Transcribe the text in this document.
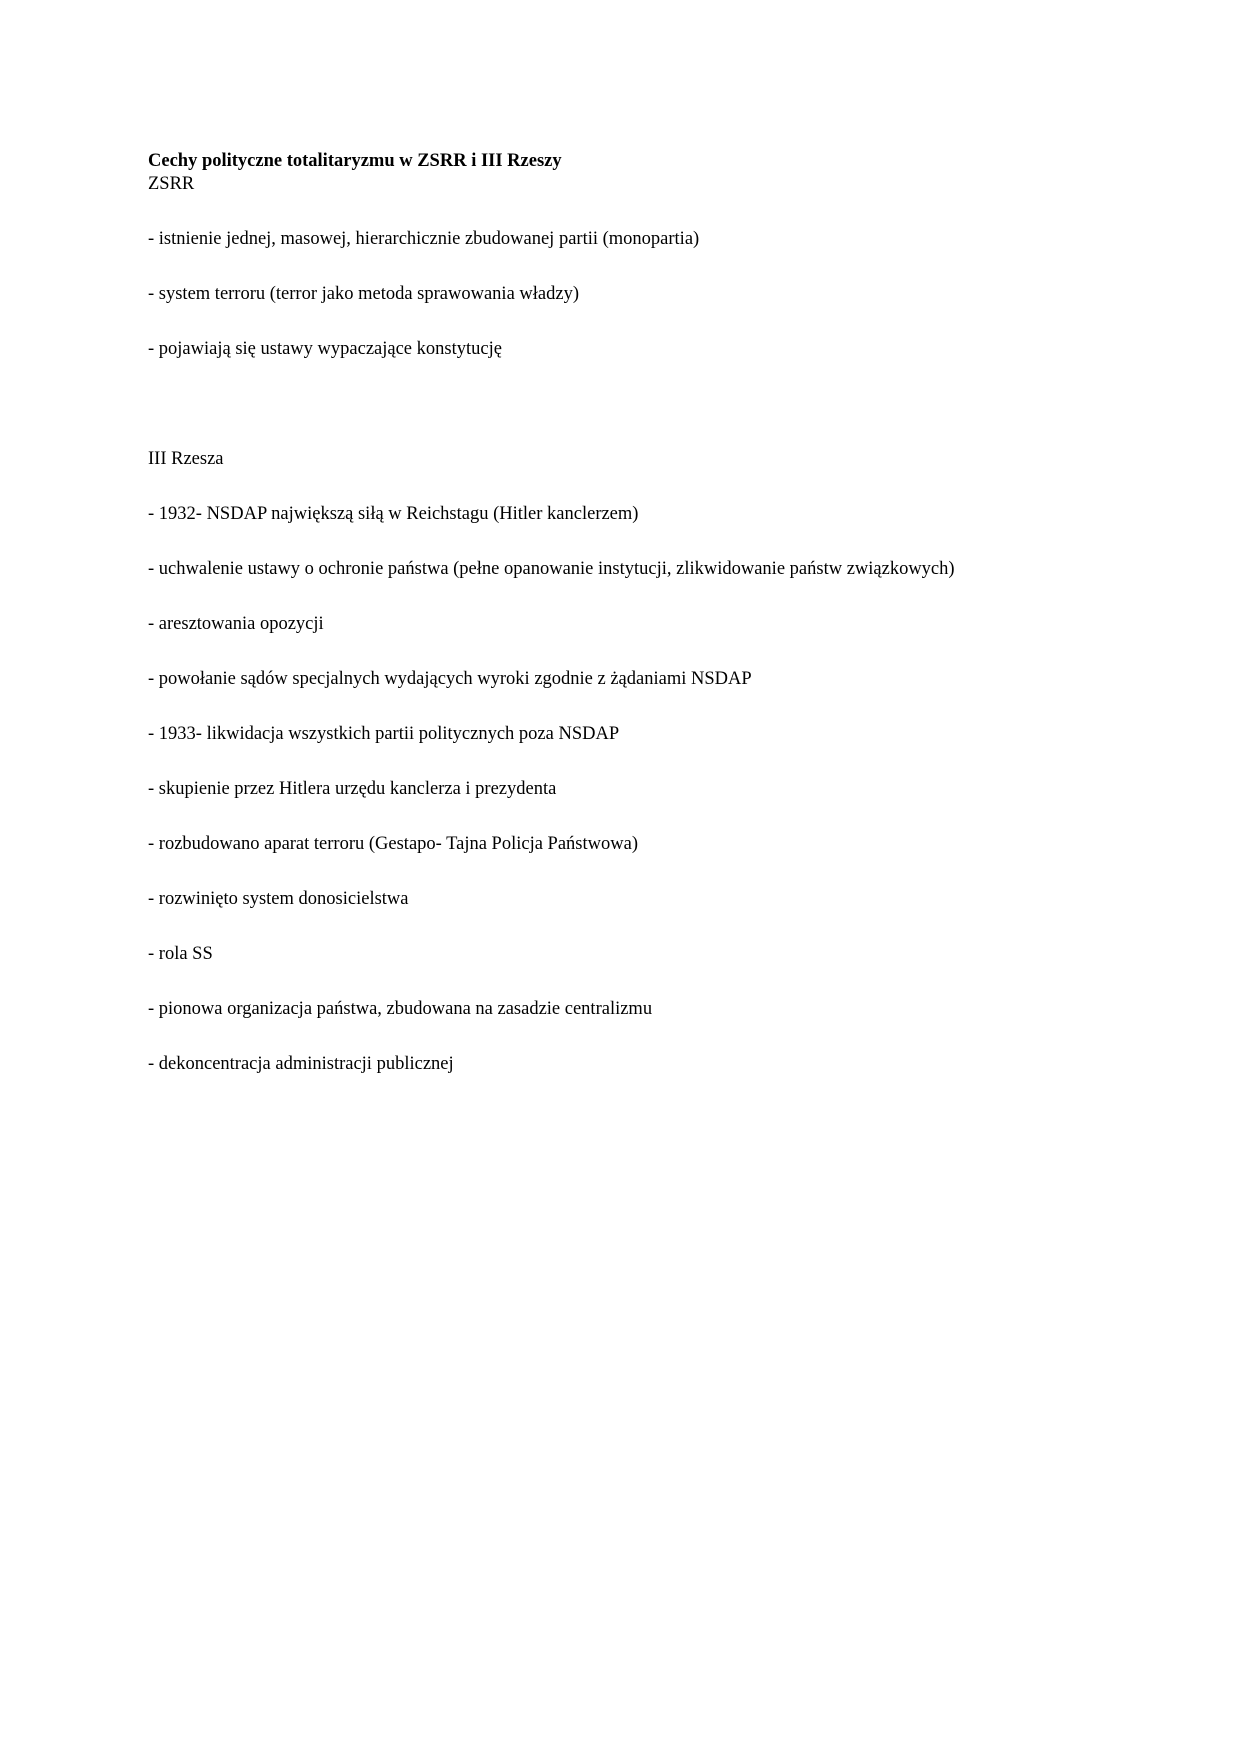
Cechy polityczne totalitaryzmu w ZSRR i III Rzeszy

ZSRR

- istnienie jednej, masowej, hierarchicznie zbudowanej partii (monopartia)
- system terroru (terror jako metoda sprawowania władzy)
- pojawiają się ustawy wypaczające konstytucję

III Rzesza

- 1932- NSDAP największą siłą w Reichstagu (Hitler kanclerzem)
- uchwalenie ustawy o ochronie państwa (pełne opanowanie instytucji, zlikwidowanie państw związkowych)
- aresztowania opozycji
- powołanie sądów specjalnych wydających wyroki zgodnie z żądaniami NSDAP
- 1933- likwidacja wszystkich partii politycznych poza NSDAP
- skupienie przez Hitlera urzędu kanclerza i prezydenta
- rozbudowano aparat terroru (Gestapo- Tajna Policja Państwowa)
- rozwinięto system donosicielstwa
- rola SS
- pionowa organizacja państwa, zbudowana na zasadzie centralizmu
- dekoncentracja administracji publicznej
